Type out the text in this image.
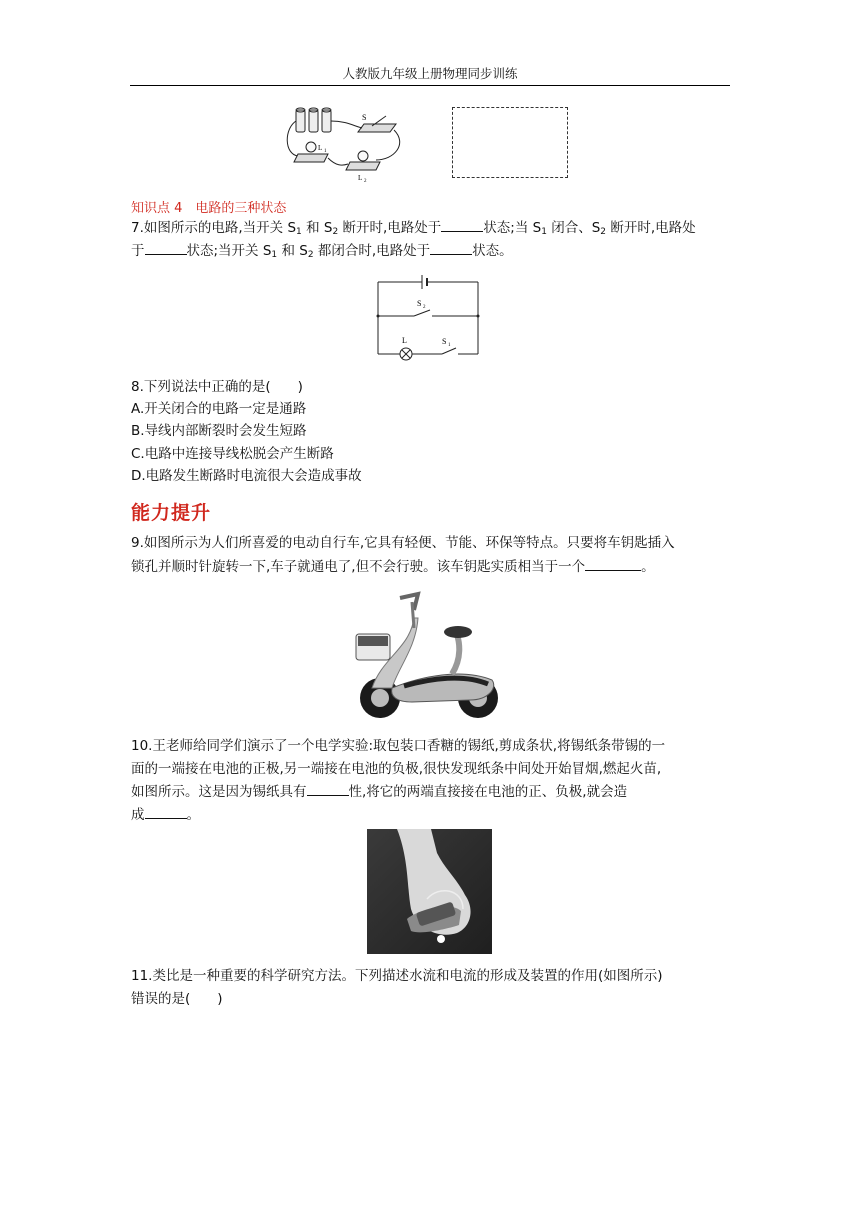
人教版九年级上册物理同步训练
S
L 1
L 2
知识点 4　电路的三种状态
7.如图所示的电路,当开关 $S_1$ 和 $S_2$ 断开时,电路处于	状态;当 $S_1$ 闭合、$S_2$ 断开时,电路处
于	状态;当开关 $S_1$ 和 $S_2$ 都闭合时,电路处于	状态。
S 2
L	S 1
8.下列说法中正确的是(　　)
A.开关闭合的电路一定是通路
B.导线内部断裂时会发生短路
C.电路中连接导线松脱会产生断路
D.电路发生断路时电流很大会造成事故
能力提升
9.如图所示为人们所喜爱的电动自行车,它具有轻便、节能、环保等特点。只要将车钥匙插入
锁孔并顺时针旋转一下,车子就通电了,但不会行驶。该车钥匙实质相当于一个	。
10.王老师给同学们演示了一个电学实验:取包装口香糖的锡纸,剪成条状,将锡纸条带锡的一
面的一端接在电池的正极,另一端接在电池的负极,很快发现纸条中间处开始冒烟,燃起火苗,
如图所示。这是因为锡纸具有	性,将它的两端直接接在电池的正、负极,就会造
成	。
11.类比是一种重要的科学研究方法。下列描述水流和电流的形成及装置的作用(如图所示)
错误的是(　　)
